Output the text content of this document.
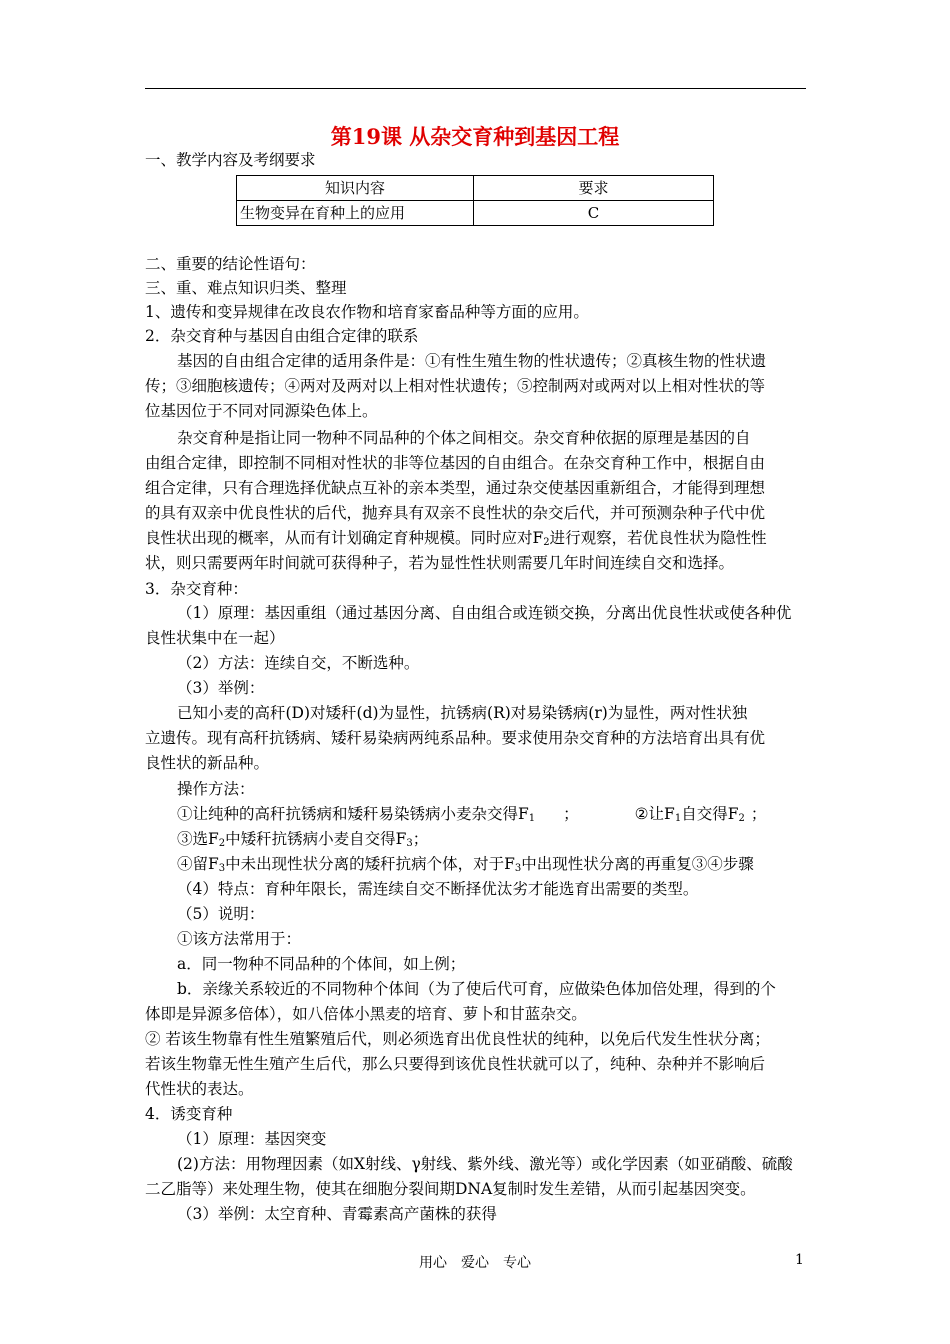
第19课 从杂交育种到基因工程
一、教学内容及考纲要求
知识内容	要求
生物变异在育种上的应用	C
二、重要的结论性语句：
三、重、难点知识归类、整理
1、遗传和变异规律在改良农作物和培育家畜品种等方面的应用。
2．杂交育种与基因自由组合定律的联系
基因的自由组合定律的适用条件是：①有性生殖生物的性状遗传；②真核生物的性状遗
传；③细胞核遗传；④两对及两对以上相对性状遗传；⑤控制两对或两对以上相对性状的等
位基因位于不同对同源染色体上。
杂交育种是指让同一物种不同品种的个体之间相交。杂交育种依据的原理是基因的自
由组合定律，即控制不同相对性状的非等位基因的自由组合。在杂交育种工作中，根据自由
组合定律，只有合理选择优缺点互补的亲本类型，通过杂交使基因重新组合，才能得到理想
的具有双亲中优良性状的后代，抛弃具有双亲不良性状的杂交后代，并可预测杂种子代中优
良性状出现的概率，从而有计划确定育种规模。同时应对$F_2$进行观察，若优良性状为隐性性
状，则只需要两年时间就可获得种子，若为显性性状则需要几年时间连续自交和选择。
3．杂交育种：
（1）原理：基因重组（通过基因分离、自由组合或连锁交换，分离出优良性状或使各种优
良性状集中在一起）
（2）方法：连续自交，不断选种。
（3）举例：
已知小麦的高秆(D)对矮秆(d)为显性，抗锈病(R)对易染锈病(r)为显性，两对性状独
立遗传。现有高秆抗锈病、矮秆易染病两纯系品种。要求使用杂交育种的方法培育出具有优
良性状的新品种。
操作方法：
①让纯种的高秆抗锈病和矮秆易染锈病小麦杂交得$F_1$ ；	②让$F_1$自交得$F_2$ ；
③选$F_2$中矮秆抗锈病小麦自交得$F_3$；
④留$F_3$中未出现性状分离的矮秆抗病个体，对于$F_3$中出现性状分离的再重复③④步骤
（4）特点：育种年限长，需连续自交不断择优汰劣才能选育出需要的类型。
（5）说明：
①该方法常用于：
a．同一物种不同品种的个体间，如上例；
b．亲缘关系较近的不同物种个体间（为了使后代可育，应做染色体加倍处理，得到的个
体即是异源多倍体），如八倍体小黑麦的培育、萝卜和甘蓝杂交。
② 若该生物靠有性生殖繁殖后代，则必须选育出优良性状的纯种，以免后代发生性状分离；
若该生物靠无性生殖产生后代，那么只要得到该优良性状就可以了，纯种、杂种并不影响后
代性状的表达。
4．诱变育种
（1）原理：基因突变
(2)方法：用物理因素（如X射线、γ射线、紫外线、激光等）或化学因素（如亚硝酸、硫酸
二乙脂等）来处理生物，使其在细胞分裂间期DNA复制时发生差错，从而引起基因突变。
（3）举例：太空育种、青霉素高产菌株的获得
用心　爱心　专心	1
